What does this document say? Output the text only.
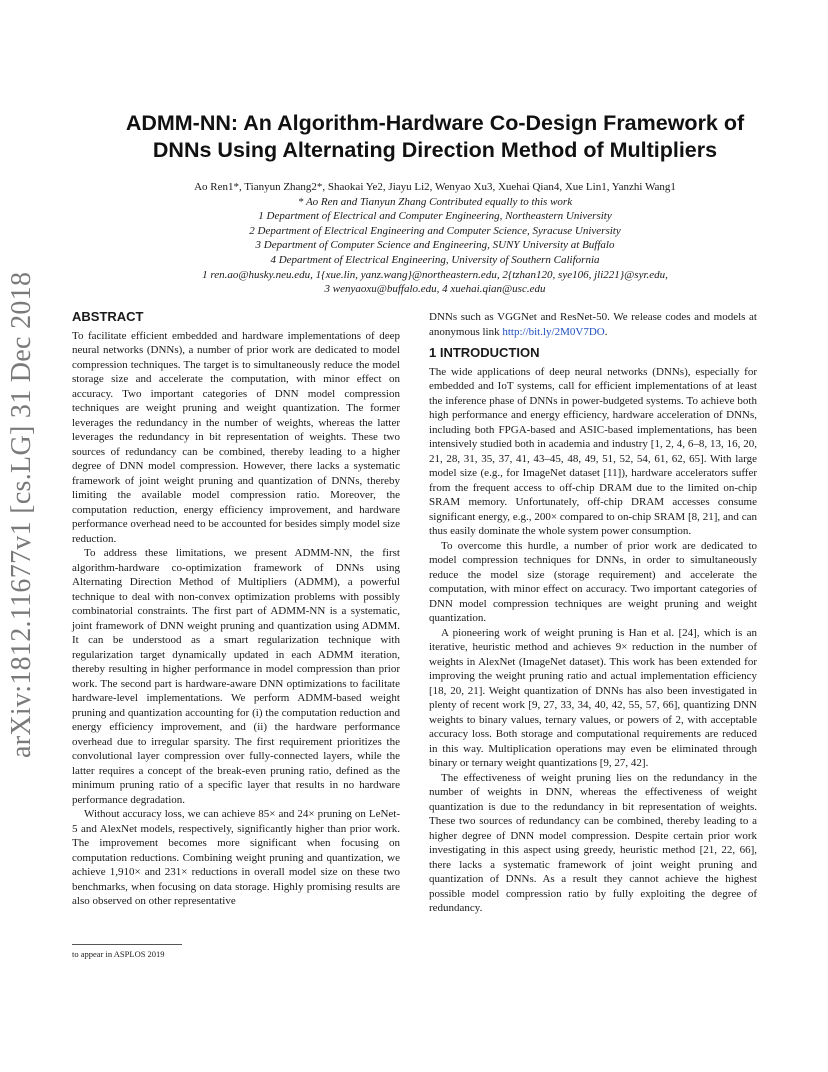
arXiv:1812.11677v1 [cs.LG] 31 Dec 2018
ADMM-NN: An Algorithm-Hardware Co-Design Framework of
DNNs Using Alternating Direction Method of Multipliers
Ao Ren1*, Tianyun Zhang2*, Shaokai Ye2, Jiayu Li2, Wenyao Xu3, Xuehai Qian4, Xue Lin1, Yanzhi Wang1
* Ao Ren and Tianyun Zhang Contributed equally to this work
1 Department of Electrical and Computer Engineering, Northeastern University
2 Department of Electrical Engineering and Computer Science, Syracuse University
3 Department of Computer Science and Engineering, SUNY University at Buffalo
4 Department of Electrical Engineering, University of Southern California
1 ren.ao@husky.neu.edu, 1{xue.lin, yanz.wang}@northeastern.edu, 2{tzhan120, sye106, jli221}@syr.edu,
3 wenyaoxu@buffalo.edu, 4 xuehai.qian@usc.edu
ABSTRACT

To facilitate efficient embedded and hardware implementations of deep neural networks (DNNs), a number of prior work are dedicated to model compression techniques. The target is to simultaneously reduce the model storage size and accelerate the computation, with minor effect on accuracy. Two important categories of DNN model compression techniques are weight pruning and weight quantization. The former leverages the redundancy in the number of weights, whereas the latter leverages the redundancy in bit representation of weights. These two sources of redundancy can be combined, thereby leading to a higher degree of DNN model compression. However, there lacks a systematic framework of joint weight pruning and quantization of DNNs, thereby limiting the available model compression ratio. Moreover, the computation reduction, energy efficiency improvement, and hardware performance overhead need to be accounted for besides simply model size reduction.

To address these limitations, we present ADMM-NN, the first algorithm-hardware co-optimization framework of DNNs using Alternating Direction Method of Multipliers (ADMM), a powerful technique to deal with non-convex optimization problems with possibly combinatorial constraints. The first part of ADMM-NN is a systematic, joint framework of DNN weight pruning and quantization using ADMM. It can be understood as a smart regularization technique with regularization target dynamically updated in each ADMM iteration, thereby resulting in higher performance in model compression than prior work. The second part is hardware-aware DNN optimizations to facilitate hardware-level implementations. We perform ADMM-based weight pruning and quantization accounting for (i) the computation reduction and energy efficiency improvement, and (ii) the hardware performance overhead due to irregular sparsity. The first requirement prioritizes the convolutional layer compression over fully-connected layers, while the latter requires a concept of the break-even pruning ratio, defined as the minimum pruning ratio of a specific layer that results in no hardware performance degradation.

Without accuracy loss, we can achieve 85× and 24× pruning on LeNet-5 and AlexNet models, respectively, significantly higher than prior work. The improvement becomes more significant when focusing on computation reductions. Combining weight pruning and quantization, we achieve 1,910× and 231× reductions in overall model size on these two benchmarks, when focusing on data storage. Highly promising results are also observed on other representative

DNNs such as VGGNet and ResNet-50. We release codes and models at anonymous link http://bit.ly/2M0V7DO.

1 INTRODUCTION

The wide applications of deep neural networks (DNNs), especially for embedded and IoT systems, call for efficient implementations of at least the inference phase of DNNs in power-budgeted systems. To achieve both high performance and energy efficiency, hardware acceleration of DNNs, including both FPGA-based and ASIC-based implementations, has been intensively studied both in academia and industry [1, 2, 4, 6–8, 13, 16, 20, 21, 28, 31, 35, 37, 41, 43–45, 48, 49, 51, 52, 54, 61, 62, 65]. With large model size (e.g., for ImageNet dataset [11]), hardware accelerators suffer from the frequent access to off-chip DRAM due to the limited on-chip SRAM memory. Unfortunately, off-chip DRAM accesses consume significant energy, e.g., 200× compared to on-chip SRAM [8, 21], and can thus easily dominate the whole system power consumption.

To overcome this hurdle, a number of prior work are dedicated to model compression techniques for DNNs, in order to simultaneously reduce the model size (storage requirement) and accelerate the computation, with minor effect on accuracy. Two important categories of DNN model compression techniques are weight pruning and weight quantization.

A pioneering work of weight pruning is Han et al. [24], which is an iterative, heuristic method and achieves 9× reduction in the number of weights in AlexNet (ImageNet dataset). This work has been extended for improving the weight pruning ratio and actual implementation efficiency [18, 20, 21]. Weight quantization of DNNs has also been investigated in plenty of recent work [9, 27, 33, 34, 40, 42, 55, 57, 66], quantizing DNN weights to binary values, ternary values, or powers of 2, with acceptable accuracy loss. Both storage and computational requirements are reduced in this way. Multiplication operations may even be eliminated through binary or ternary weight quantizations [9, 27, 42].

The effectiveness of weight pruning lies on the redundancy in the number of weights in DNN, whereas the effectiveness of weight quantization is due to the redundancy in bit representation of weights. These two sources of redundancy can be combined, thereby leading to a higher degree of DNN model compression. Despite certain prior work investigating in this aspect using greedy, heuristic method [21, 22, 66], there lacks a systematic framework of joint weight pruning and quantization of DNNs. As a result they cannot achieve the highest possible model compression ratio by fully exploiting the degree of redundancy.

to appear in ASPLOS 2019
